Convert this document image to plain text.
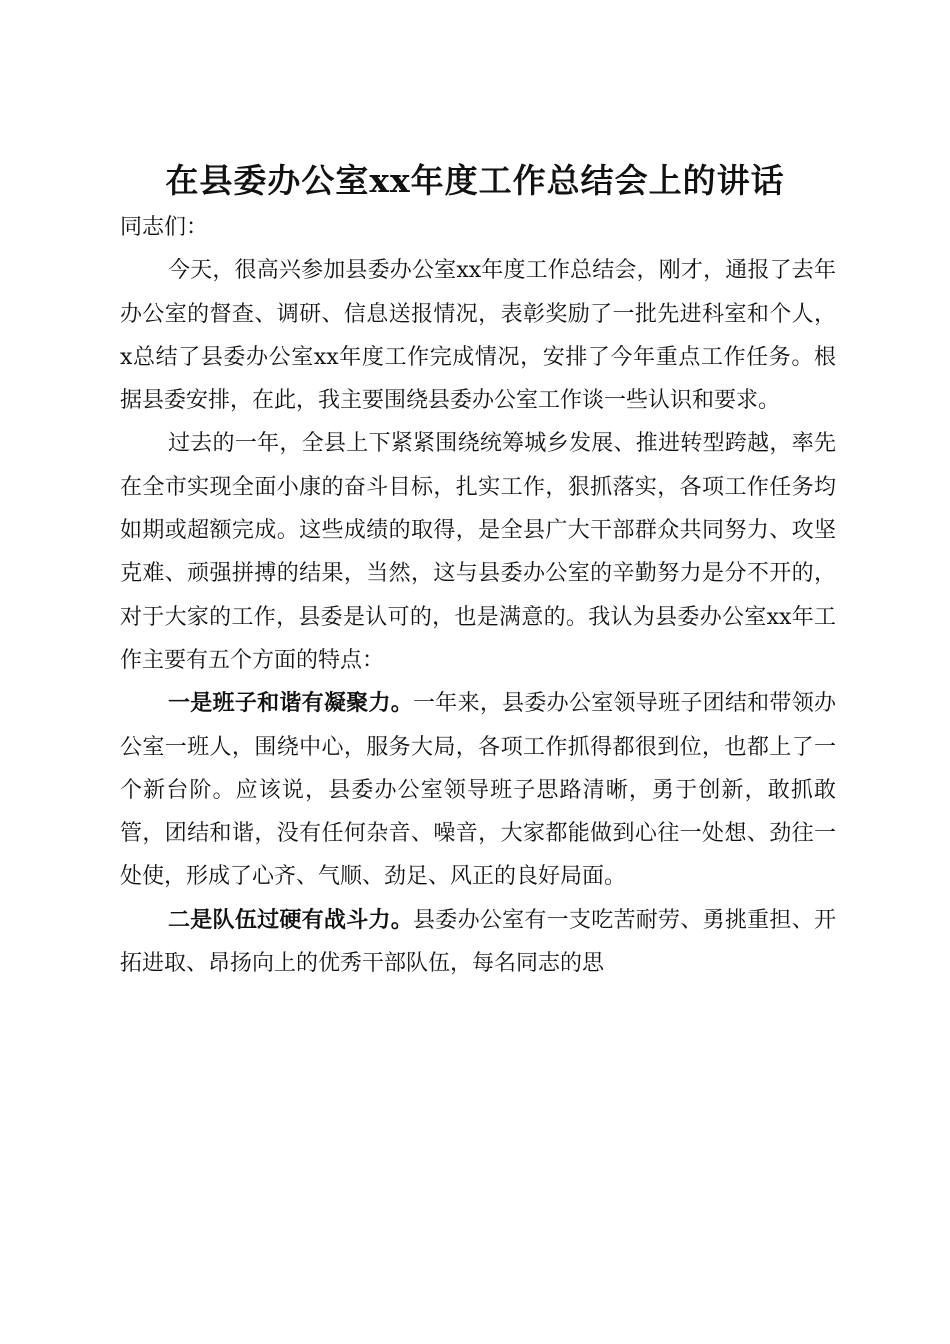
在县委办公室xx年度工作总结会上的讲话

同志们：

今天，很高兴参加县委办公室xx年度工作总结会，刚才，通报了去年办公室的督查、调研、信息送报情况，表彰奖励了一批先进科室和个人，x总结了县委办公室xx年度工作完成情况，安排了今年重点工作任务。根据县委安排，在此，我主要围绕县委办公室工作谈一些认识和要求。

过去的一年，全县上下紧紧围绕统筹城乡发展、推进转型跨越，率先在全市实现全面小康的奋斗目标，扎实工作，狠抓落实，各项工作任务均如期或超额完成。这些成绩的取得，是全县广大干部群众共同努力、攻坚克难、顽强拼搏的结果，当然，这与县委办公室的辛勤努力是分不开的，对于大家的工作，县委是认可的，也是满意的。我认为县委办公室xx年工作主要有五个方面的特点：

一是班子和谐有凝聚力。一年来，县委办公室领导班子团结和带领办公室一班人，围绕中心，服务大局，各项工作抓得都很到位，也都上了一个新台阶。应该说，县委办公室领导班子思路清晰，勇于创新，敢抓敢管，团结和谐，没有任何杂音、噪音，大家都能做到心往一处想、劲往一处使，形成了心齐、气顺、劲足、风正的良好局面。

二是队伍过硬有战斗力。县委办公室有一支吃苦耐劳、勇挑重担、开拓进取、昂扬向上的优秀干部队伍，每名同志的思
